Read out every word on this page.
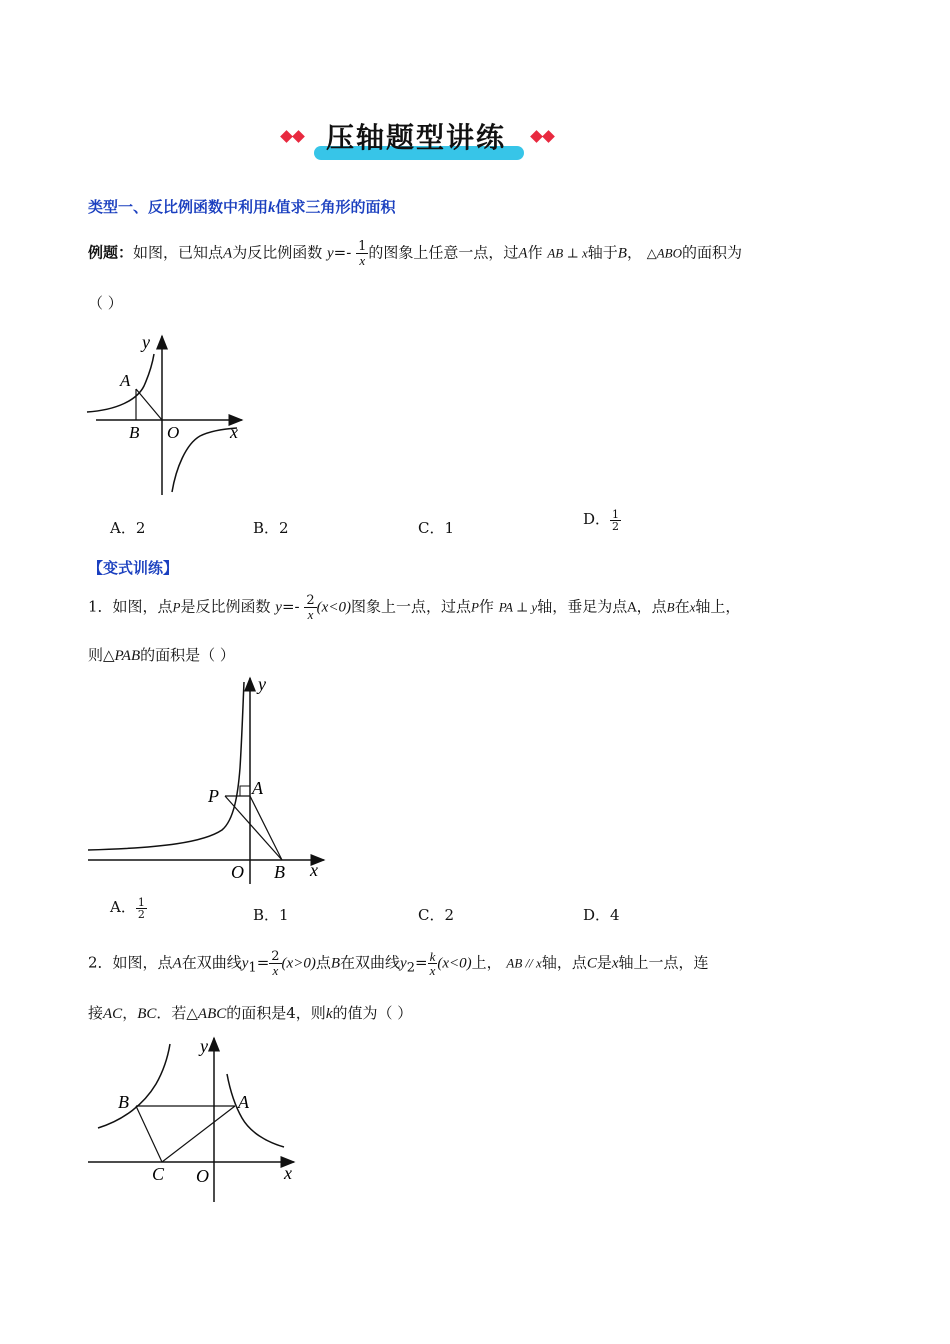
压轴题型讲练
类型一、反比例函数中利用k值求三角形的面积
例题：如图，已知点A为反比例函数 $y=- \frac{1}{x}$ 的图象上任意一点，过A作 AB ⊥ x轴于B， △ABO的面积为
（ ）
y
A
B O	x
A．2	B．2	C．1	D． $\frac{1}{2}$
【变式训练】
1．如图，点P是反比例函数 $y=- \frac{2}{x} (x<0)$图象上一点，过点P作 PA ⊥ y轴，垂足为点A，点B在x轴上，
则△PAB的面积是（ ）
y
P A
O B x
A． $\frac{1}{2}$	B．1	C．2	D．4
2．如图，点A在双曲线$y_1= \frac{2}{x} (x>0)$点B在双曲线$y_2= \frac{k}{x} (x<0)$上， AB // x轴，点C是x轴上一点，连
接AC，BC．若△ABC的面积是4，则k的值为（ ）
y
B	A
C O	x
